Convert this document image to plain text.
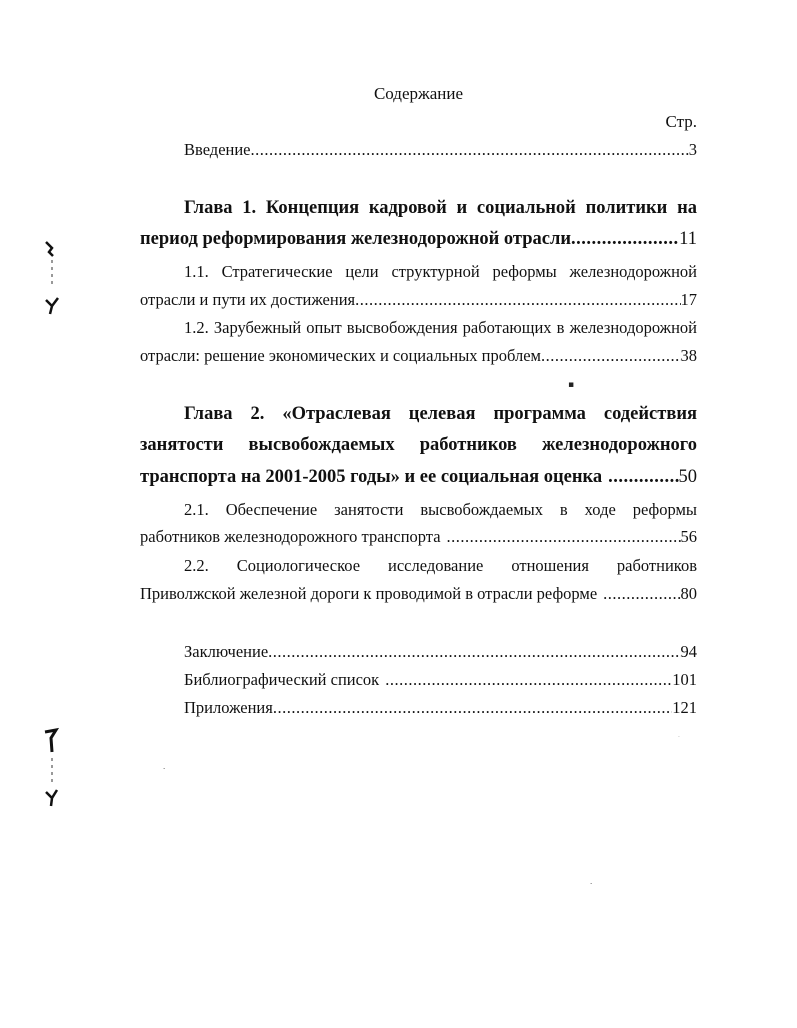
Содержание
Стр.
Введение .....	3
Глава 1. Концепция кадровой и социальной политики на
период реформирования железнодорожной отрасли .....	11
1.1. Стратегические цели структурной реформы железнодорожной
отрасли и пути их достижения .....	17
1.2. Зарубежный опыт высвобождения работающих в железнодорожной
отрасли: решение экономических и социальных проблем .....	38
Глава 2. «Отраслевая целевая программа содействия
занятости высвобождаемых работников железнодорожного
транспорта на 2001-2005 годы» и ее социальная оценка .....	50
2.1. Обеспечение занятости высвобождаемых в ходе реформы
работников железнодорожного транспорта .....	56
2.2. Социологическое исследование отношения работников
Приволжской железной дороги к проводимой в отрасли реформе .....	80
Заключение .....	94
Библиографический список .....	101
Приложения .....	121
▪
·
·
·
